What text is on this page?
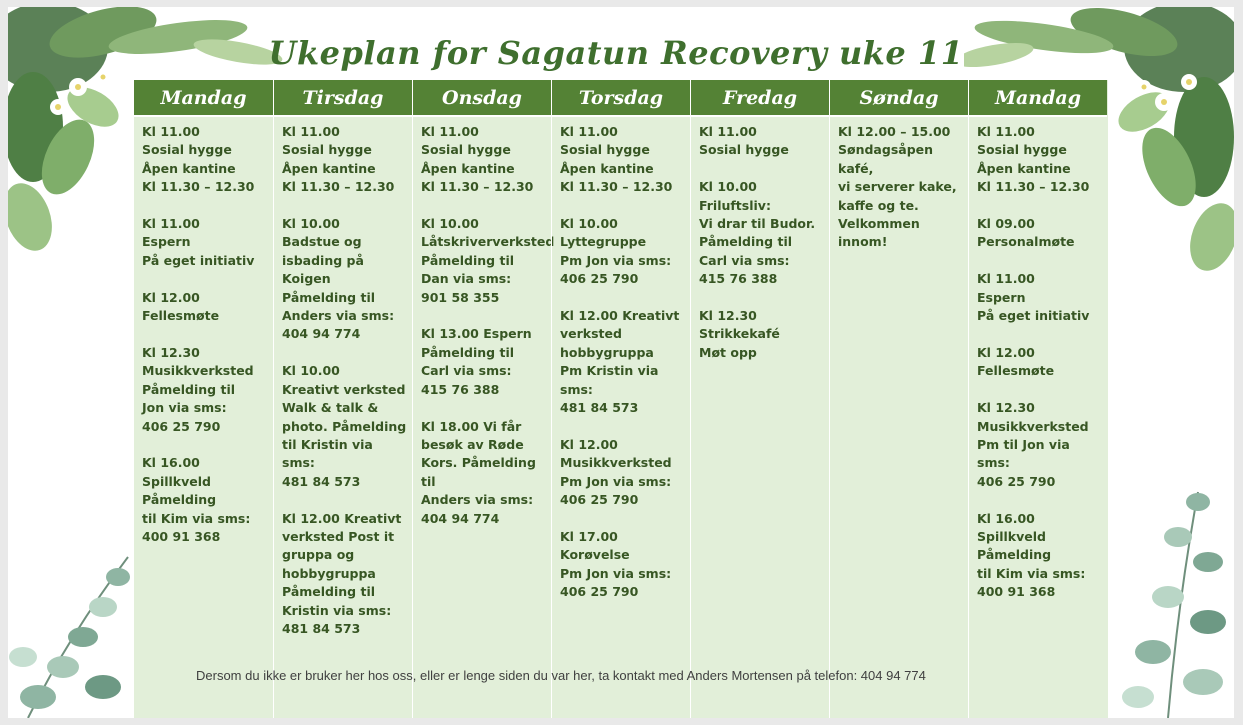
Ukeplan for Sagatun Recovery uke 11
Mandag
Kl 11.00
Sosial hygge
Åpen kantine
Kl 11.30 – 12.30

Kl 11.00
Espern
På eget initiativ

Kl 12.00
Fellesmøte

Kl 12.30
Musikkverksted
Påmelding til
Jon via sms:
406 25 790

Kl 16.00 Spillkveld
Påmelding
til Kim via sms:
400 91 368
Tirsdag
Kl 11.00
Sosial hygge
Åpen kantine
Kl 11.30 – 12.30

Kl 10.00
Badstue og
isbading på Koigen
Påmelding til
Anders via sms:
404 94 774

Kl 10.00
Kreativt verksted
Walk & talk &
photo. Påmelding
til Kristin via sms:
481 84 573

Kl 12.00 Kreativt
verksted Post it
gruppa og
hobbygruppa
Påmelding til
Kristin via sms:
481 84 573
Onsdag
Kl 11.00
Sosial hygge
Åpen kantine
Kl 11.30 – 12.30

Kl 10.00
Låtskriververksted
Påmelding til
Dan via sms:
901 58 355

Kl 13.00 Espern
Påmelding til
Carl via sms:
415 76 388

Kl 18.00 Vi får
besøk av Røde
Kors. Påmelding til
Anders via sms:
404 94 774
Torsdag
Kl 11.00
Sosial hygge
Åpen kantine
Kl 11.30 – 12.30

Kl 10.00
Lyttegruppe
Pm Jon via sms:
406 25 790

Kl 12.00 Kreativt
verksted
hobbygruppa
Pm Kristin via sms:
481 84 573

Kl 12.00
Musikkverksted
Pm Jon via sms:
406 25 790

Kl 17.00 Korøvelse
Pm Jon via sms:
406 25 790
Fredag
Kl 11.00
Sosial hygge

Kl 10.00 Friluftsliv:
Vi drar til Budor.
Påmelding til
Carl via sms:
415 76 388

Kl 12.30
Strikkekafé
Møt opp
Søndag
Kl 12.00 – 15.00
Søndagsåpen kafé,
vi serverer kake,
kaffe og te.
Velkommen
innom!
Mandag
Kl 11.00
Sosial hygge
Åpen kantine
Kl 11.30 – 12.30

Kl 09.00
Personalmøte

Kl 11.00
Espern
På eget initiativ

Kl 12.00
Fellesmøte

Kl 12.30
Musikkverksted
Pm til Jon via sms:
406 25 790

Kl 16.00 Spillkveld
Påmelding
til Kim via sms:
400 91 368
Dersom du ikke er bruker her hos oss, eller er lenge siden du var her, ta kontakt med Anders Mortensen på telefon: 404 94 774
